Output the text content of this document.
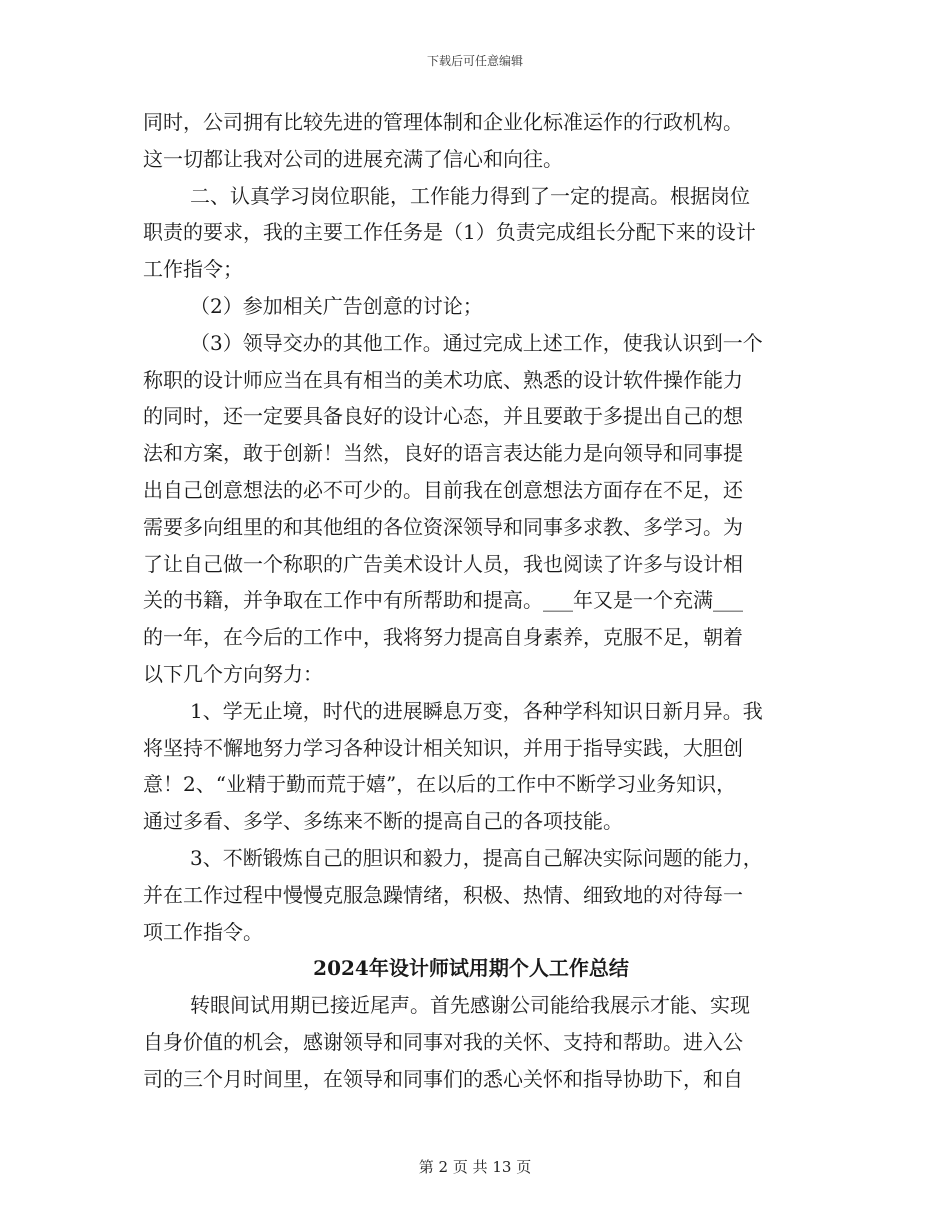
下载后可任意编辑
同时，公司拥有比较先进的管理体制和企业化标准运作的行政机构。
这一切都让我对公司的进展充满了信心和向往。
二、认真学习岗位职能，工作能力得到了一定的提高。根据岗位
职责的要求，我的主要工作任务是（1）负责完成组长分配下来的设计
工作指令；
（2）参加相关广告创意的讨论；
（3）领导交办的其他工作。通过完成上述工作，使我认识到一个
称职的设计师应当在具有相当的美术功底、熟悉的设计软件操作能力
的同时，还一定要具备良好的设计心态，并且要敢于多提出自己的想
法和方案，敢于创新！当然，良好的语言表达能力是向领导和同事提
出自己创意想法的必不可少的。目前我在创意想法方面存在不足，还
需要多向组里的和其他组的各位资深领导和同事多求教、多学习。为
了让自己做一个称职的广告美术设计人员，我也阅读了许多与设计相
关的书籍，并争取在工作中有所帮助和提高。___年又是一个充满___
的一年，在今后的工作中，我将努力提高自身素养，克服不足，朝着
以下几个方向努力：
1、学无止境，时代的进展瞬息万变，各种学科知识日新月异。我
将坚持不懈地努力学习各种设计相关知识，并用于指导实践，大胆创
意！2、“业精于勤而荒于嬉”，在以后的工作中不断学习业务知识，
通过多看、多学、多练来不断的提高自己的各项技能。
3、不断锻炼自己的胆识和毅力，提高自己解决实际问题的能力，
并在工作过程中慢慢克服急躁情绪，积极、热情、细致地的对待每一
项工作指令。
2024年设计师试用期个人工作总结
转眼间试用期已接近尾声。首先感谢公司能给我展示才能、实现
自身价值的机会，感谢领导和同事对我的关怀、支持和帮助。进入公
司的三个月时间里，在领导和同事们的悉心关怀和指导协助下，和自
第 2 页 共 13 页
